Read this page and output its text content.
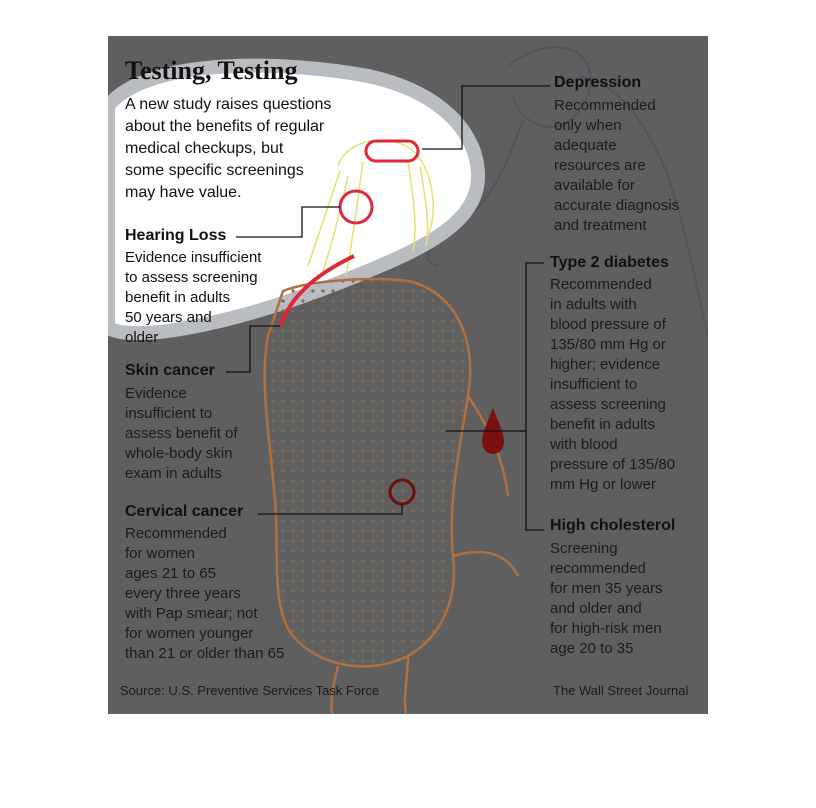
Testing, Testing
A new study raises questions
about the benefits of regular
medical checkups, but
some specific screenings
may have value.
Depression
Recommended
only when
adequate
resources are
available for
accurate diagnosis
and treatment
Hearing Loss
Evidence insufficient
to assess screening
benefit in adults
50 years and
older
Type 2 diabetes
Recommended
in adults with
blood pressure of
135/80 mm Hg or
higher; evidence
insufficient to
assess screening
benefit in adults
with blood
pressure of 135/80
mm Hg or lower
Skin cancer
Evidence
insufficient to
assess benefit of
whole-body skin
exam in adults
Cervical cancer
Recommended
for women
ages 21 to 65
every three years
with Pap smear; not
for women younger
than 21 or older than 65
High cholesterol
Screening
recommended
for men 35 years
and older and
for high-risk men
age 20 to 35
Source: U.S. Preventive Services Task Force	The Wall Street Journal
